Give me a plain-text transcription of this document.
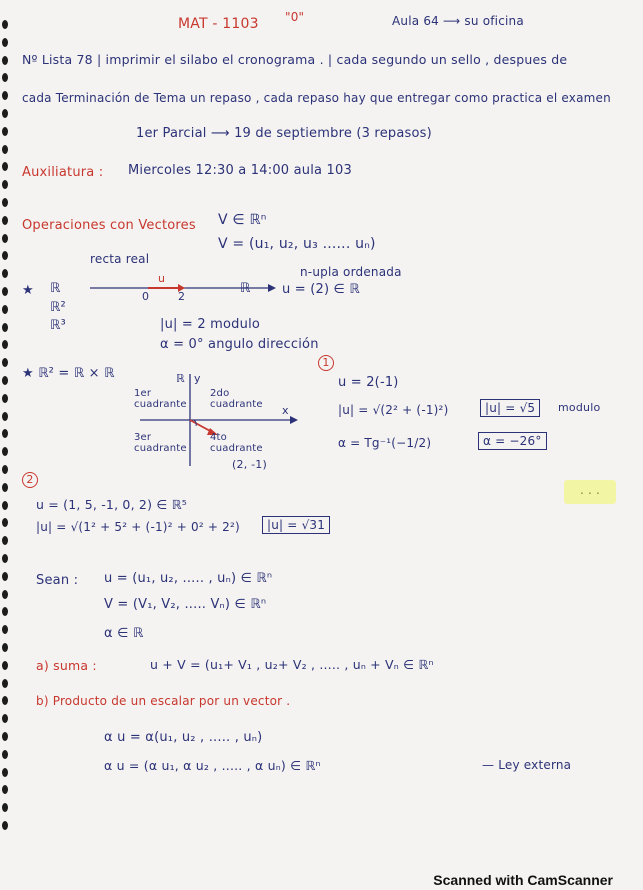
MAT - 1103 "0"	Aula 64 ⟶ su oficina
Nº Lista 78 | imprimir el silabo el cronograma . | cada segundo un sello , despues de
cada Terminación de Tema un repaso , cada repaso hay que entregar como practica el examen
1er Parcial ⟶ 19 de septiembre (3 repasos)
Auxiliatura : Miercoles 12:30 a 14:00 aula 103
Operaciones con Vectores V ∈ ℝⁿ
V = (u₁, u₂, u₃ ...... uₙ)
n-upla ordenada
recta real
★ ℝ
ℝ²
ℝ³
u
0	2
ℝ u = (2) ∈ ℝ
|u| = 2 modulo
α = 0° angulo dirección
★ ℝ² = ℝ × ℝ	ℝ y
x
1er cuadrante
2do cuadrante
3er cuadrante
4to cuadrante
(2, -1)
1
u = 2(-1)
|u| = √(2² + (-1)²)	|u| = √5	modulo
α = Tg⁻¹(−1/2)	α = −26°
2
u = (1, 5, -1, 0, 2) ∈ ℝ⁵
|u| = √(1² + 5² + (-1)² + 0² + 2²)	|u| = √31
. . .
Sean : u = (u₁, u₂, ..... , uₙ) ∈ ℝⁿ
V = (V₁, V₂, ..... Vₙ) ∈ ℝⁿ
α ∈ ℝ
a) suma :	u + V = (u₁+ V₁ , u₂+ V₂ , ..... , uₙ + Vₙ ∈ ℝⁿ
b) Producto de un escalar por un vector .
α u = α(u₁, u₂ , ..... , uₙ)
α u = (α u₁, α u₂ , ..... , α uₙ) ∈ ℝⁿ	— Ley externa
Scanned with CamScanner
